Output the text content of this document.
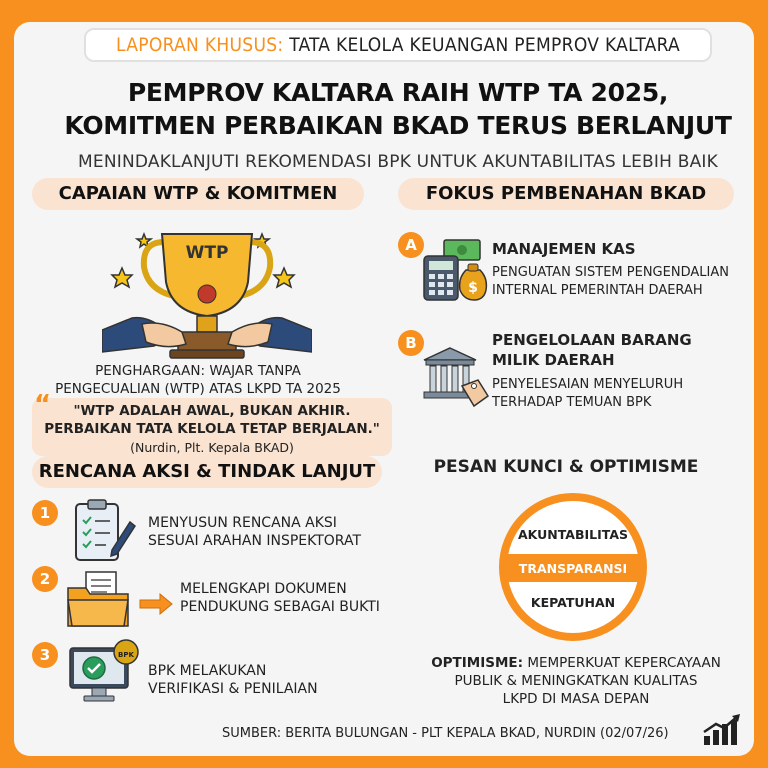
LAPORAN KHUSUS: TATA KELOLA KEUANGAN PEMPROV KALTARA
PEMPROV KALTARA RAIH WTP TA 2025,
KOMITMEN PERBAIKAN BKAD TERUS BERLANJUT
MENINDAKLANJUTI REKOMENDASI BPK UNTUK AKUNTABILITAS LEBIH BAIK
CAPAIAN WTP & KOMITMEN
WTP
PENGHARGAAN: WAJAR TANPA
PENGECUALIAN (WTP) ATAS LKPD TA 2025
“	"WTP ADALAH AWAL, BUKAN AKHIR.
PERBAIKAN TATA KELOLA TETAP BERJALAN."
(Nurdin, Plt. Kepala BKAD)
RENCANA AKSI & TINDAK LANJUT
1
MENYUSUN RENCANA AKSI
SESUAI ARAHAN INSPEKTORAT
2
MELENGKAPI DOKUMEN
PENDUKUNG SEBAGAI BUKTI
3	BPK
BPK MELAKUKAN
VERIFIKASI & PENILAIAN
FOKUS PEMBENAHAN BKAD
A
$
MANAJEMEN KAS
PENGUATAN SISTEM PENGENDALIAN
INTERNAL PEMERINTAH DAERAH
B	PENGELOLAAN BARANG
MILIK DAERAH
PENYELESAIAN MENYELURUH
TERHADAP TEMUAN BPK
PESAN KUNCI & OPTIMISME
AKUNTABILITAS
TRANSPARANSI
KEPATUHAN
OPTIMISME: MEMPERKUAT KEPERCAYAAN
PUBLIK & MENINGKATKAN KUALITAS
LKPD DI MASA DEPAN
SUMBER: BERITA BULUNGAN - PLT KEPALA BKAD, NURDIN (02/07/26)
